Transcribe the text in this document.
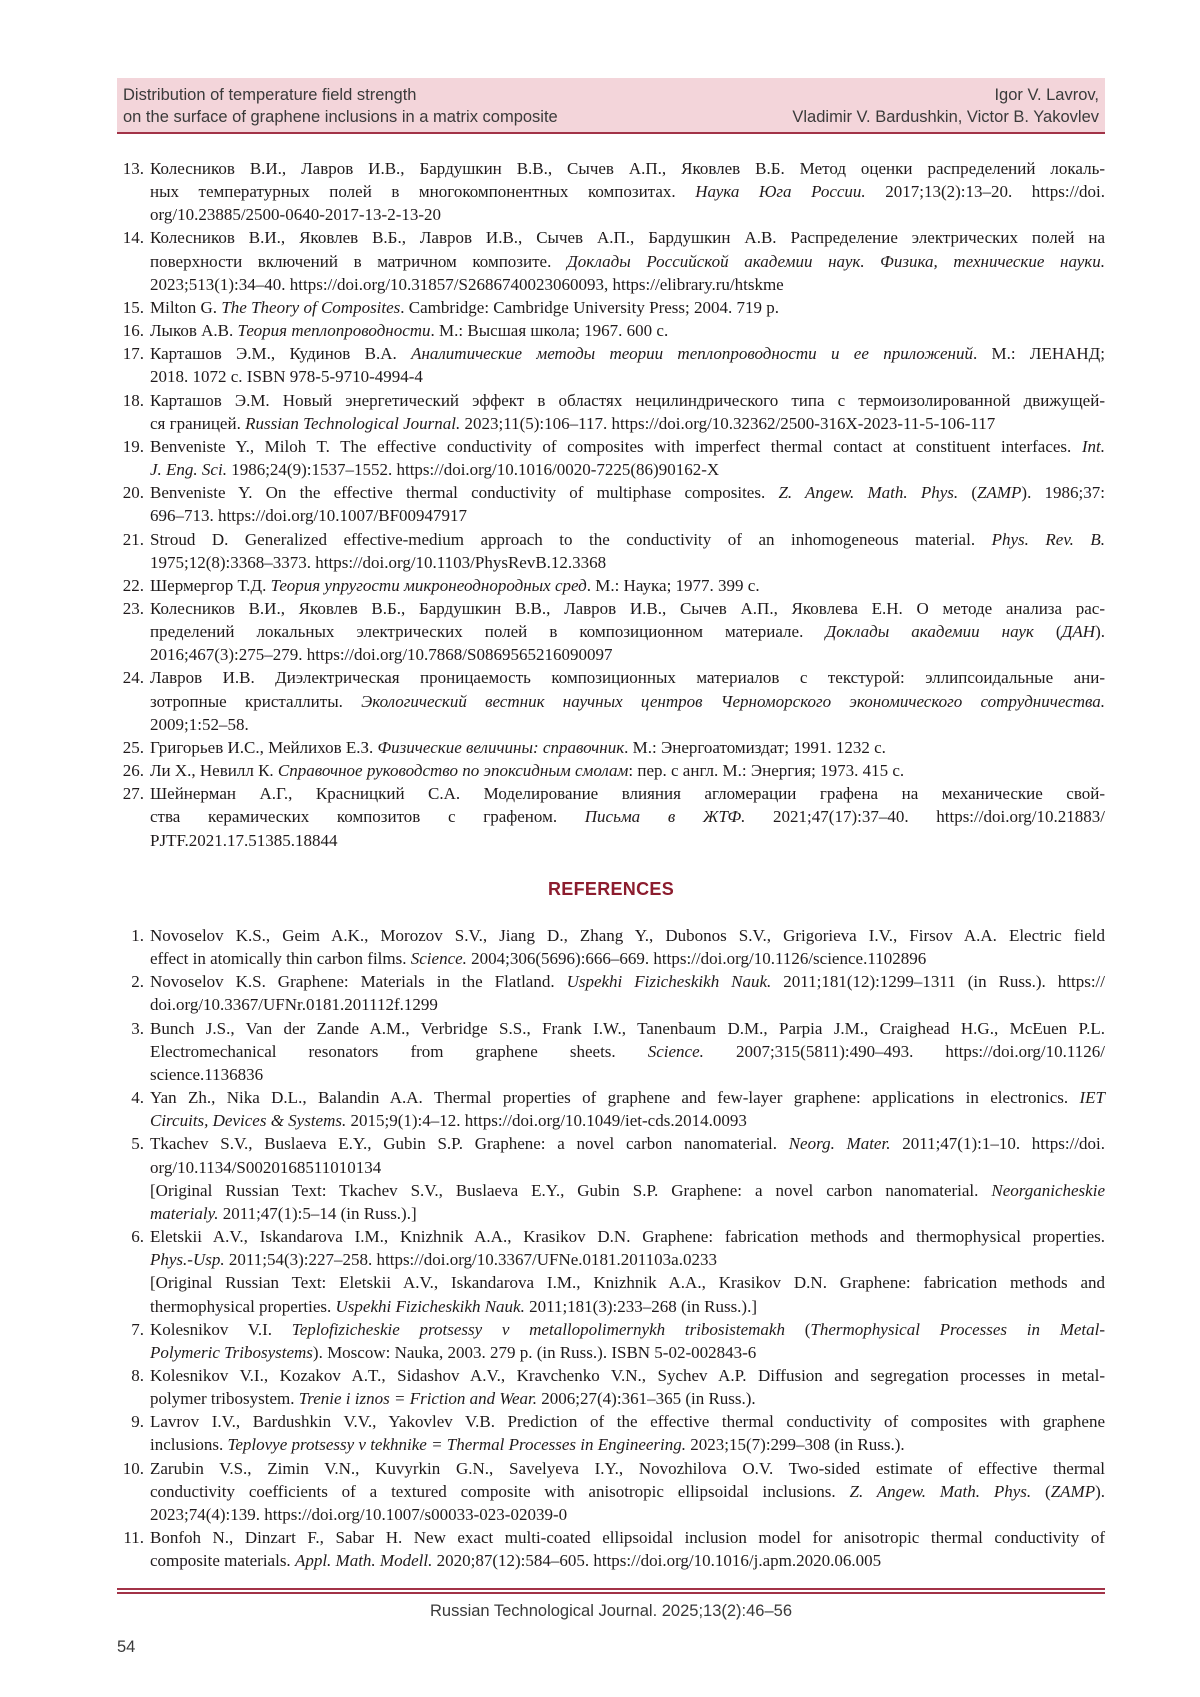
Distribution of temperature field strength
on the surface of graphene inclusions in a matrix composite
Igor V. Lavrov,
Vladimir V. Bardushkin, Victor B. Yakovlev
13. Колесников В.И., Лавров И.В., Бардушкин В.В., Сычев А.П., Яковлев В.Б. Метод оценки распределений локаль-
ных температурных полей в многокомпонентных композитах. Наука Юга России. 2017;13(2):13–20. https://doi.
org/10.23885/2500-0640-2017-13-2-13-20
14. Колесников В.И., Яковлев В.Б., Лавров И.В., Сычев А.П., Бардушкин А.В. Распределение электрических полей на
поверхности включений в матричном композите. Доклады Российской академии наук. Физика, технические науки.
2023;513(1):34–40. https://doi.org/10.31857/S2686740023060093, https://elibrary.ru/htskme
15. Milton G. The Theory of Composites. Cambridge: Cambridge University Press; 2004. 719 p.
16. Лыков А.В. Теория теплопроводности. М.: Высшая школа; 1967. 600 с.
17. Карташов Э.М., Кудинов В.А. Аналитические методы теории теплопроводности и ее приложений. М.: ЛЕНАНД;
2018. 1072 с. ISBN 978-5-9710-4994-4
18. Карташов Э.М. Новый энергетический эффект в областях нецилиндрического типа с термоизолированной движущей-
ся границей. Russian Technological Journal. 2023;11(5):106–117. https://doi.org/10.32362/2500-316X-2023-11-5-106-117
19. Benveniste Y., Miloh T. The effective conductivity of composites with imperfect thermal contact at constituent interfaces. Int.
J. Eng. Sci. 1986;24(9):1537–1552. https://doi.org/10.1016/0020-7225(86)90162-X
20. Benveniste Y. On the effective thermal conductivity of multiphase composites. Z. Angew. Math. Phys. (ZAMP). 1986;37:
696–713. https://doi.org/10.1007/BF00947917
21. Stroud D. Generalized effective-medium approach to the conductivity of an inhomogeneous material. Phys. Rev. B.
1975;12(8):3368–3373. https://doi.org/10.1103/PhysRevB.12.3368
22. Шермергор Т.Д. Теория упругости микронеоднородных сред. М.: Наука; 1977. 399 с.
23. Колесников В.И., Яковлев В.Б., Бардушкин В.В., Лавров И.В., Сычев А.П., Яковлева Е.Н. О методе анализа рас-
пределений локальных электрических полей в композиционном материале. Доклады академии наук (ДАН).
2016;467(3):275–279. https://doi.org/10.7868/S0869565216090097
24. Лавров И.В. Диэлектрическая проницаемость композиционных материалов с текстурой: эллипсоидальные ани-
зотропные кристаллиты. Экологический вестник научных центров Черноморского экономического сотрудничества.
2009;1:52–58.
25. Григорьев И.С., Мейлихов Е.З. Физические величины: справочник. М.: Энергоатомиздат; 1991. 1232 с.
26. Ли Х., Невилл К. Справочное руководство по эпоксидным смолам: пер. с англ. М.: Энергия; 1973. 415 с.
27. Шейнерман А.Г., Красницкий С.А. Моделирование влияния агломерации графена на механические свой-
ства керамических композитов с графеном. Письма в ЖТФ. 2021;47(17):37–40. https://doi.org/10.21883/
PJTF.2021.17.51385.18844
REFERENCES
1. Novoselov K.S., Geim A.K., Morozov S.V., Jiang D., Zhang Y., Dubonos S.V., Grigorieva I.V., Firsov A.A. Electric field
effect in atomically thin carbon films. Science. 2004;306(5696):666–669. https://doi.org/10.1126/science.1102896
2. Novoselov K.S. Graphene: Materials in the Flatland. Uspekhi Fizicheskikh Nauk. 2011;181(12):1299–1311 (in Russ.). https://
doi.org/10.3367/UFNr.0181.201112f.1299
3. Bunch J.S., Van der Zande A.M., Verbridge S.S., Frank I.W., Tanenbaum D.M., Parpia J.M., Craighead H.G., McEuen P.L.
Electromechanical resonators from graphene sheets. Science. 2007;315(5811):490–493. https://doi.org/10.1126/
science.1136836
4. Yan Zh., Nika D.L., Balandin A.A. Thermal properties of graphene and few-layer graphene: applications in electronics. IET
Circuits, Devices & Systems. 2015;9(1):4–12. https://doi.org/10.1049/iet-cds.2014.0093
5. Tkachev S.V., Buslaeva E.Y., Gubin S.P. Graphene: a novel carbon nanomaterial. Neorg. Mater. 2011;47(1):1–10. https://doi.
org/10.1134/S0020168511010134
[Original Russian Text: Tkachev S.V., Buslaeva E.Y., Gubin S.P. Graphene: a novel carbon nanomaterial. Neorganicheskie
materialy. 2011;47(1):5–14 (in Russ.).]
6. Eletskii A.V., Iskandarova I.M., Knizhnik A.A., Krasikov D.N. Graphene: fabrication methods and thermophysical properties.
Phys.-Usp. 2011;54(3):227–258. https://doi.org/10.3367/UFNe.0181.201103a.0233
[Original Russian Text: Eletskii A.V., Iskandarova I.M., Knizhnik A.A., Krasikov D.N. Graphene: fabrication methods and
thermophysical properties. Uspekhi Fizicheskikh Nauk. 2011;181(3):233–268 (in Russ.).]
7. Kolesnikov V.I. Teplofizicheskie protsessy v metallopolimernykh tribosistemakh (Thermophysical Processes in Metal-
Polymeric Tribosystems). Moscow: Nauka, 2003. 279 p. (in Russ.). ISBN 5-02-002843-6
8. Kolesnikov V.I., Kozakov A.T., Sidashov A.V., Kravchenko V.N., Sychev A.P. Diffusion and segregation processes in metal-
polymer tribosystem. Trenie i iznos = Friction and Wear. 2006;27(4):361–365 (in Russ.).
9. Lavrov I.V., Bardushkin V.V., Yakovlev V.B. Prediction of the effective thermal conductivity of composites with graphene
inclusions. Teplovye protsessy v tekhnike = Thermal Processes in Engineering. 2023;15(7):299–308 (in Russ.).
10. Zarubin V.S., Zimin V.N., Kuvyrkin G.N., Savelyeva I.Y., Novozhilova O.V. Two-sided estimate of effective thermal
conductivity coefficients of a textured composite with anisotropic ellipsoidal inclusions. Z. Angew. Math. Phys. (ZAMP).
2023;74(4):139. https://doi.org/10.1007/s00033-023-02039-0
11. Bonfoh N., Dinzart F., Sabar H. New exact multi-coated ellipsoidal inclusion model for anisotropic thermal conductivity of
composite materials. Appl. Math. Modell. 2020;87(12):584–605. https://doi.org/10.1016/j.apm.2020.06.005
Russian Technological Journal. 2025;13(2):46–56
54
